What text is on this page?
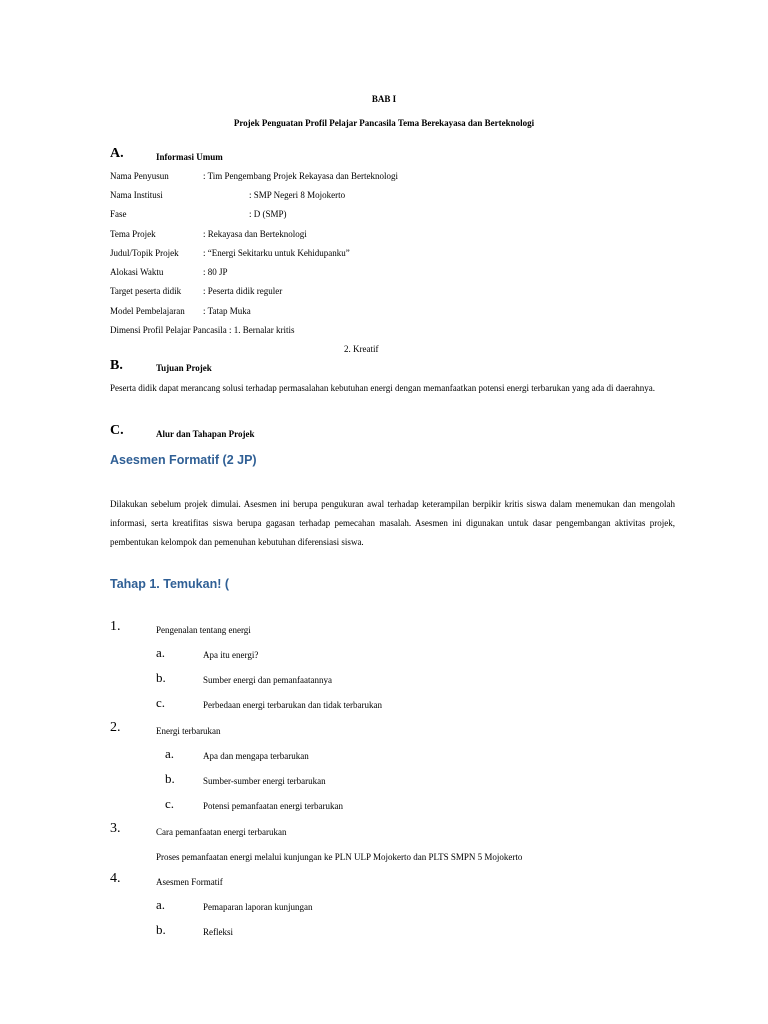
BAB I
Projek Penguatan Profil Pelajar Pancasila Tema Berekayasa dan Berteknologi
A.	Informasi Umum
Nama Penyusun	: Tim Pengembang Projek Rekayasa dan Berteknologi
Nama Institusi	: SMP Negeri 8 Mojokerto
Fase	: D (SMP)
Tema Projek	: Rekayasa dan Berteknologi
Judul/Topik Projek	: “Energi Sekitarku untuk Kehidupanku”
Alokasi Waktu	: 80 JP
Target peserta didik : Peserta didik reguler
Model Pembelajaran : Tatap Muka
Dimensi Profil Pelajar Pancasila : 1. Bernalar kritis
2. Kreatif
B.	Tujuan Projek
Peserta didik dapat merancang solusi terhadap permasalahan kebutuhan energi dengan memanfaatkan potensi energi terbarukan yang ada di daerahnya.
C.	Alur dan Tahapan Projek
Asesmen Formatif (2 JP)
Dilakukan sebelum projek dimulai. Asesmen ini berupa pengukuran awal terhadap keterampilan berpikir kritis siswa dalam menemukan dan mengolah informasi, serta kreatifitas siswa berupa gagasan terhadap pemecahan masalah. Asesmen ini digunakan untuk dasar pengembangan aktivitas projek, pembentukan kelompok dan pemenuhan kebutuhan diferensiasi siswa.
Tahap 1. Temukan! (
1.	Pengenalan tentang energi
a.	Apa itu energi?
b.	Sumber energi dan pemanfaatannya
c.	Perbedaan energi terbarukan dan tidak terbarukan
2.	Energi terbarukan
a.	Apa dan mengapa terbarukan
b.	Sumber-sumber energi terbarukan
c.	Potensi pemanfaatan energi terbarukan
3.	Cara pemanfaatan energi terbarukan
Proses pemanfaatan energi melalui kunjungan ke PLN ULP Mojokerto dan PLTS SMPN 5 Mojokerto
4.	Asesmen Formatif
a.	Pemaparan laporan kunjungan
b.	Refleksi
